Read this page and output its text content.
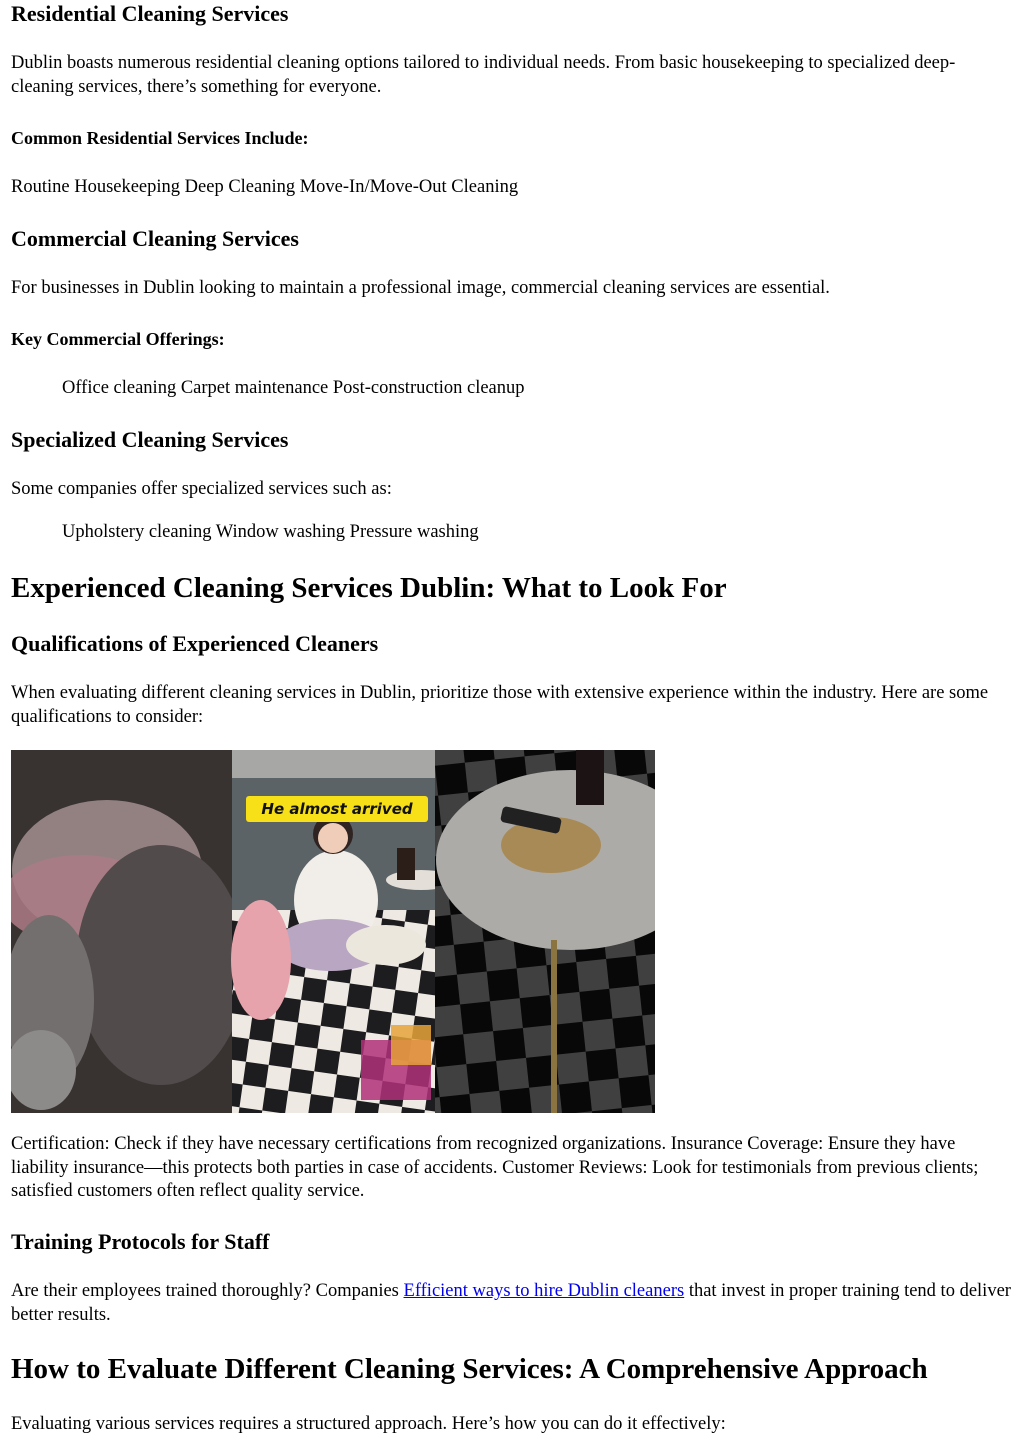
Residential Cleaning Services

Dublin boasts numerous residential cleaning options tailored to individual needs. From basic housekeeping to specialized deep-cleaning services, there’s something for everyone.

Common Residential Services Include:

Routine Housekeeping Deep Cleaning Move-In/Move-Out Cleaning

Commercial Cleaning Services

For businesses in Dublin looking to maintain a professional image, commercial cleaning services are essential.

Key Commercial Offerings:

Office cleaning Carpet maintenance Post-construction cleanup

Specialized Cleaning Services

Some companies offer specialized services such as:

Upholstery cleaning Window washing Pressure washing

Experienced Cleaning Services Dublin: What to Look For
Qualifications of Experienced Cleaners

When evaluating different cleaning services in Dublin, prioritize those with extensive experience within the industry. Here are some qualifications to consider:

He almost arrived

Certification: Check if they have necessary certifications from recognized organizations. Insurance Coverage: Ensure they have liability insurance—this protects both parties in case of accidents. Customer Reviews: Look for testimonials from previous clients; satisfied customers often reflect quality service.

Training Protocols for Staff

Are their employees trained thoroughly? Companies Efficient ways to hire Dublin cleaners that invest in proper training tend to deliver better results.

How to Evaluate Different Cleaning Services: A Comprehensive Approach

Evaluating various services requires a structured approach. Here’s how you can do it effectively:
